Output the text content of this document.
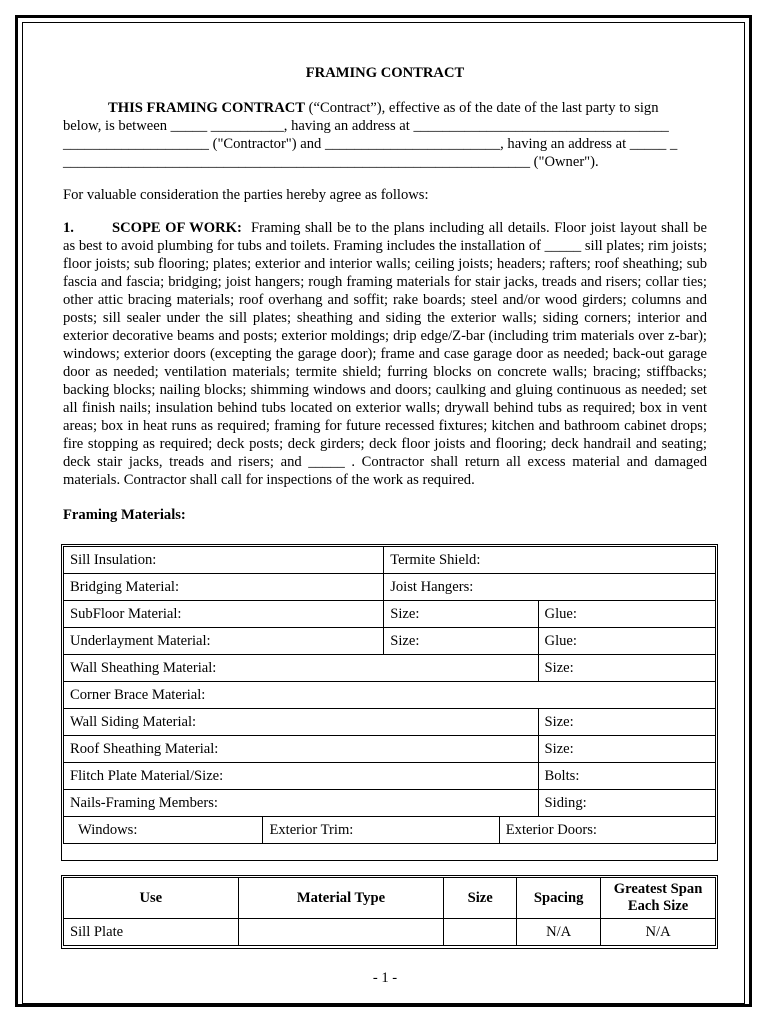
FRAMING CONTRACT

THIS FRAMING CONTRACT (“Contract”), effective as of the date of the last party to sign

below, is between _____ __________, having an address at ___________________________________

____________________ ("Contractor") and ________________________, having an address at _____ _

________________________________________________________________ ("Owner").

For valuable consideration the parties hereby agree as follows:

1.	SCOPE OF WORK: Framing shall be to the plans including all details. Floor joist layout shall be as best to avoid plumbing for tubs and toilets. Framing includes the installation of _____ sill plates; rim joists; floor joists; sub flooring; plates; exterior and interior walls; ceiling joists; headers; rafters; roof sheathing; sub fascia and fascia; bridging; joist hangers; rough framing materials for stair jacks, treads and risers; collar ties; other attic bracing materials; roof overhang and soffit; rake boards; steel and/or wood girders; columns and posts; sill sealer under the sill plates; sheathing and siding the exterior walls; siding corners; interior and exterior decorative beams and posts; exterior moldings; drip edge/Z-bar (including trim materials over z-bar); windows; exterior doors (excepting the garage door); frame and case garage door as needed; back-out garage door as needed; ventilation materials; termite shield; furring blocks on concrete walls; bracing; stiffbacks; backing blocks; nailing blocks; shimming windows and doors; caulking and gluing continuous as needed; set all finish nails; insulation behind tubs located on exterior walls; drywall behind tubs as required; box in vent areas; box in heat runs as required; framing for future recessed fixtures; kitchen and bathroom cabinet drops; fire stopping as required; deck posts; deck girders; deck floor joists and flooring; deck handrail and seating; deck stair jacks, treads and risers; and _____ . Contractor shall return all excess material and damaged materials. Contractor shall call for inspections of the work as required.

Framing Materials:

Sill Insulation:		Termite Shield:		
Bridging Material:		Joist Hangers:		
SubFloor Material:		Size:		Glue:
Underlayment Material:		Size:		Glue:
Wall Sheathing Material:				Size:
Corner Brace Material:				
Wall Siding Material:				Size:
Roof Sheathing Material:				Size:
Flitch Plate Material/Size:				Bolts:
Nails-Framing Members:				Siding:
Windows:	Exterior Trim:		Exterior Doors:	
Use	Material Type	Size	Spacing	Greatest Span
Each Size
Sill Plate			N/A	N/A
- 1 -
